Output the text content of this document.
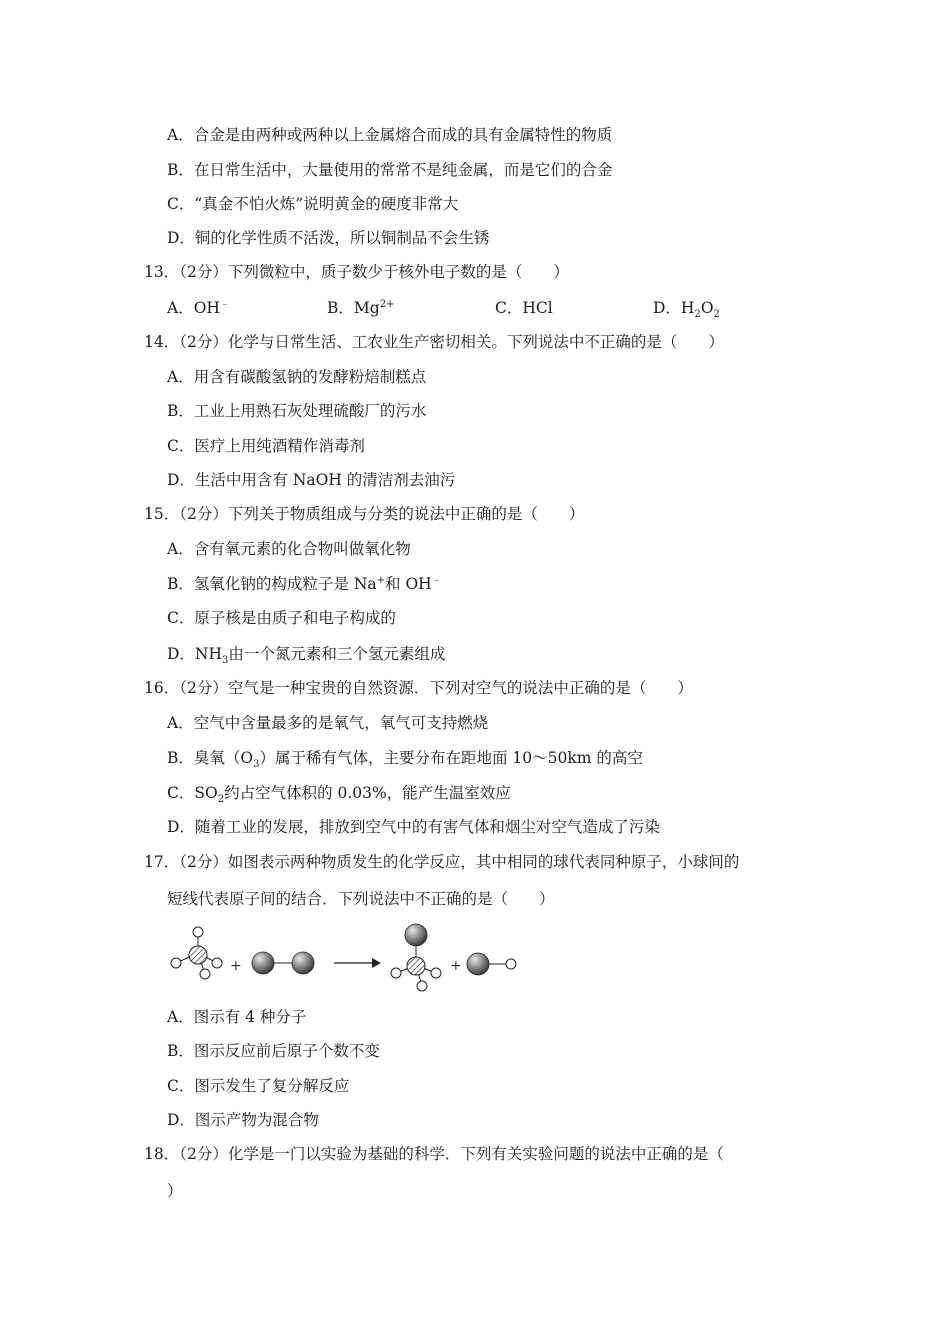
A．合金是由两种或两种以上金属熔合而成的具有金属特性的物质
B．在日常生活中，大量使用的常常不是纯金属，而是它们的合金
C．“真金不怕火炼”说明黄金的硬度非常大
D．铜的化学性质不活泼，所以铜制品不会生锈
13．（2分）下列微粒中，质子数少于核外电子数的是（　　）
A．OH﹣	B．$Mg^{2+}$	C．HCl	D．$H_2O_2$
14．（2分）化学与日常生活、工农业生产密切相关。下列说法中不正确的是（　　）
A．用含有碳酸氢钠的发酵粉焙制糕点
B．工业上用熟石灰处理硫酸厂的污水
C．医疗上用纯酒精作消毒剂
D．生活中用含有 NaOH 的清洁剂去油污
15．（2分）下列关于物质组成与分类的说法中正确的是（　　）
A．含有氧元素的化合物叫做氧化物
B．氢氧化钠的构成粒子是 Na+和 OH﹣
C．原子核是由质子和电子构成的
D．$NH_3$由一个氮元素和三个氢元素组成
16．（2分）空气是一种宝贵的自然资源．下列对空气的说法中正确的是（　　）
A．空气中含量最多的是氧气，氧气可支持燃烧
B．臭氧$(O_3)$属于稀有气体，主要分布在距地面 10～50km 的高空
C．$SO_2$约占空气体积的 0.03%，能产生温室效应
D．随着工业的发展，排放到空气中的有害气体和烟尘对空气造成了污染
17．（2分）如图表示两种物质发生的化学反应，其中相同的球代表同种原子，小球间的
短线代表原子间的结合．下列说法中不正确的是（　　）
+	+
A．图示有 4 种分子
B．图示反应前后原子个数不变
C．图示发生了复分解反应
D．图示产物为混合物
18．（2分）化学是一门以实验为基础的科学．下列有关实验问题的说法中正确的是（
）
